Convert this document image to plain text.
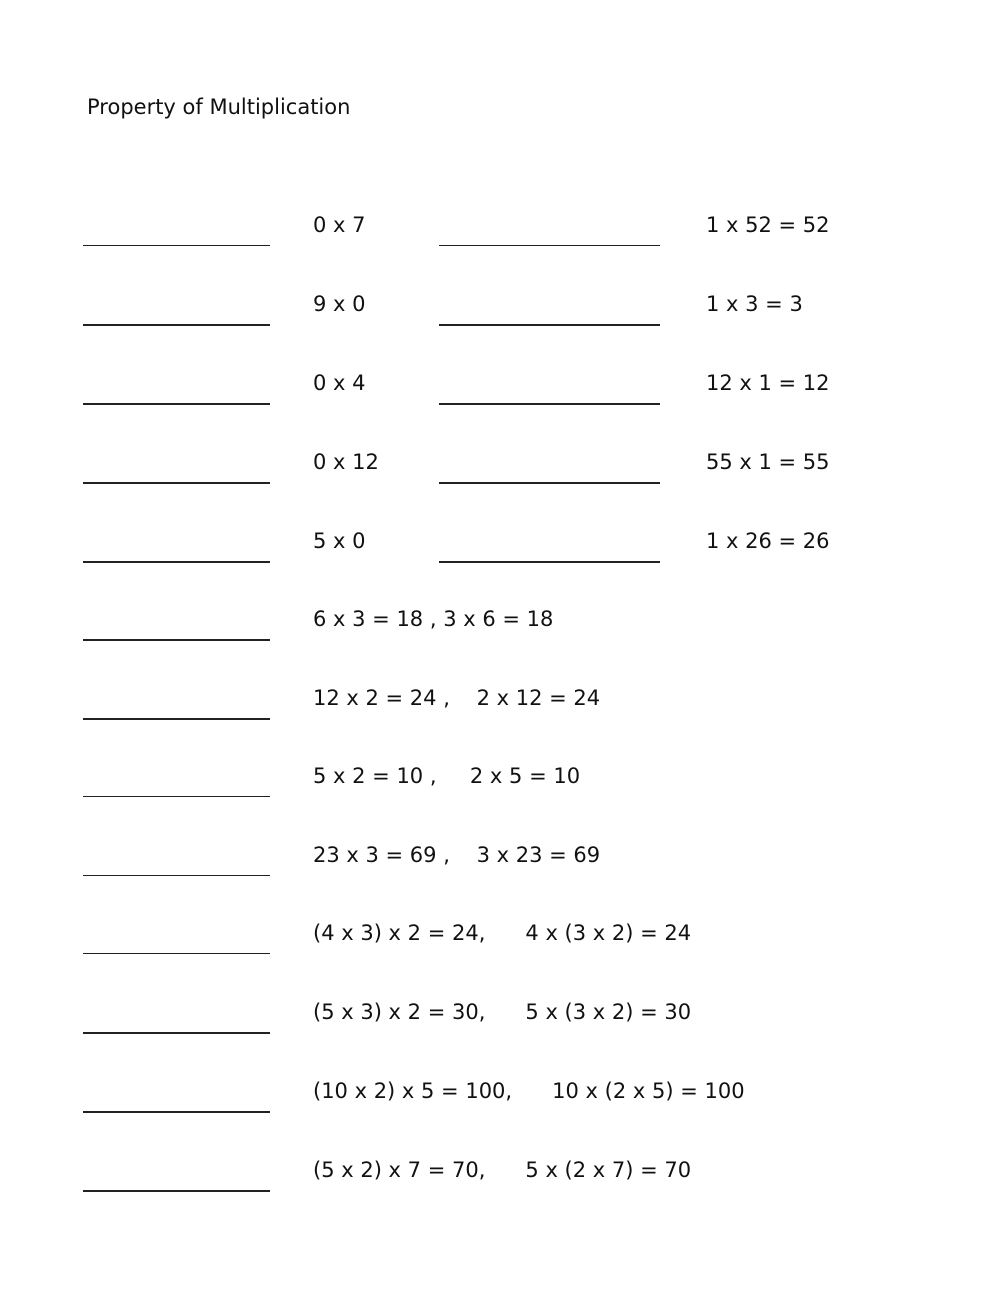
Property of Multiplication
0 x 7	1 x 52 = 52
9 x 0	1 x 3 = 3
0 x 4	12 x 1 = 12
0 x 12	55 x 1 = 55
5 x 0	1 x 26 = 26
6 x 3 = 18 , 3 x 6 = 18
12 x 2 = 24 ,    2 x 12 = 24
5 x 2 = 10 ,     2 x 5 = 10
23 x 3 = 69 ,    3 x 23 = 69
(4 x 3) x 2 = 24,      4 x (3 x 2) = 24
(5 x 3) x 2 = 30,      5 x (3 x 2) = 30
(10 x 2) x 5 = 100,      10 x (2 x 5) = 100
(5 x 2) x 7 = 70,      5 x (2 x 7) = 70
